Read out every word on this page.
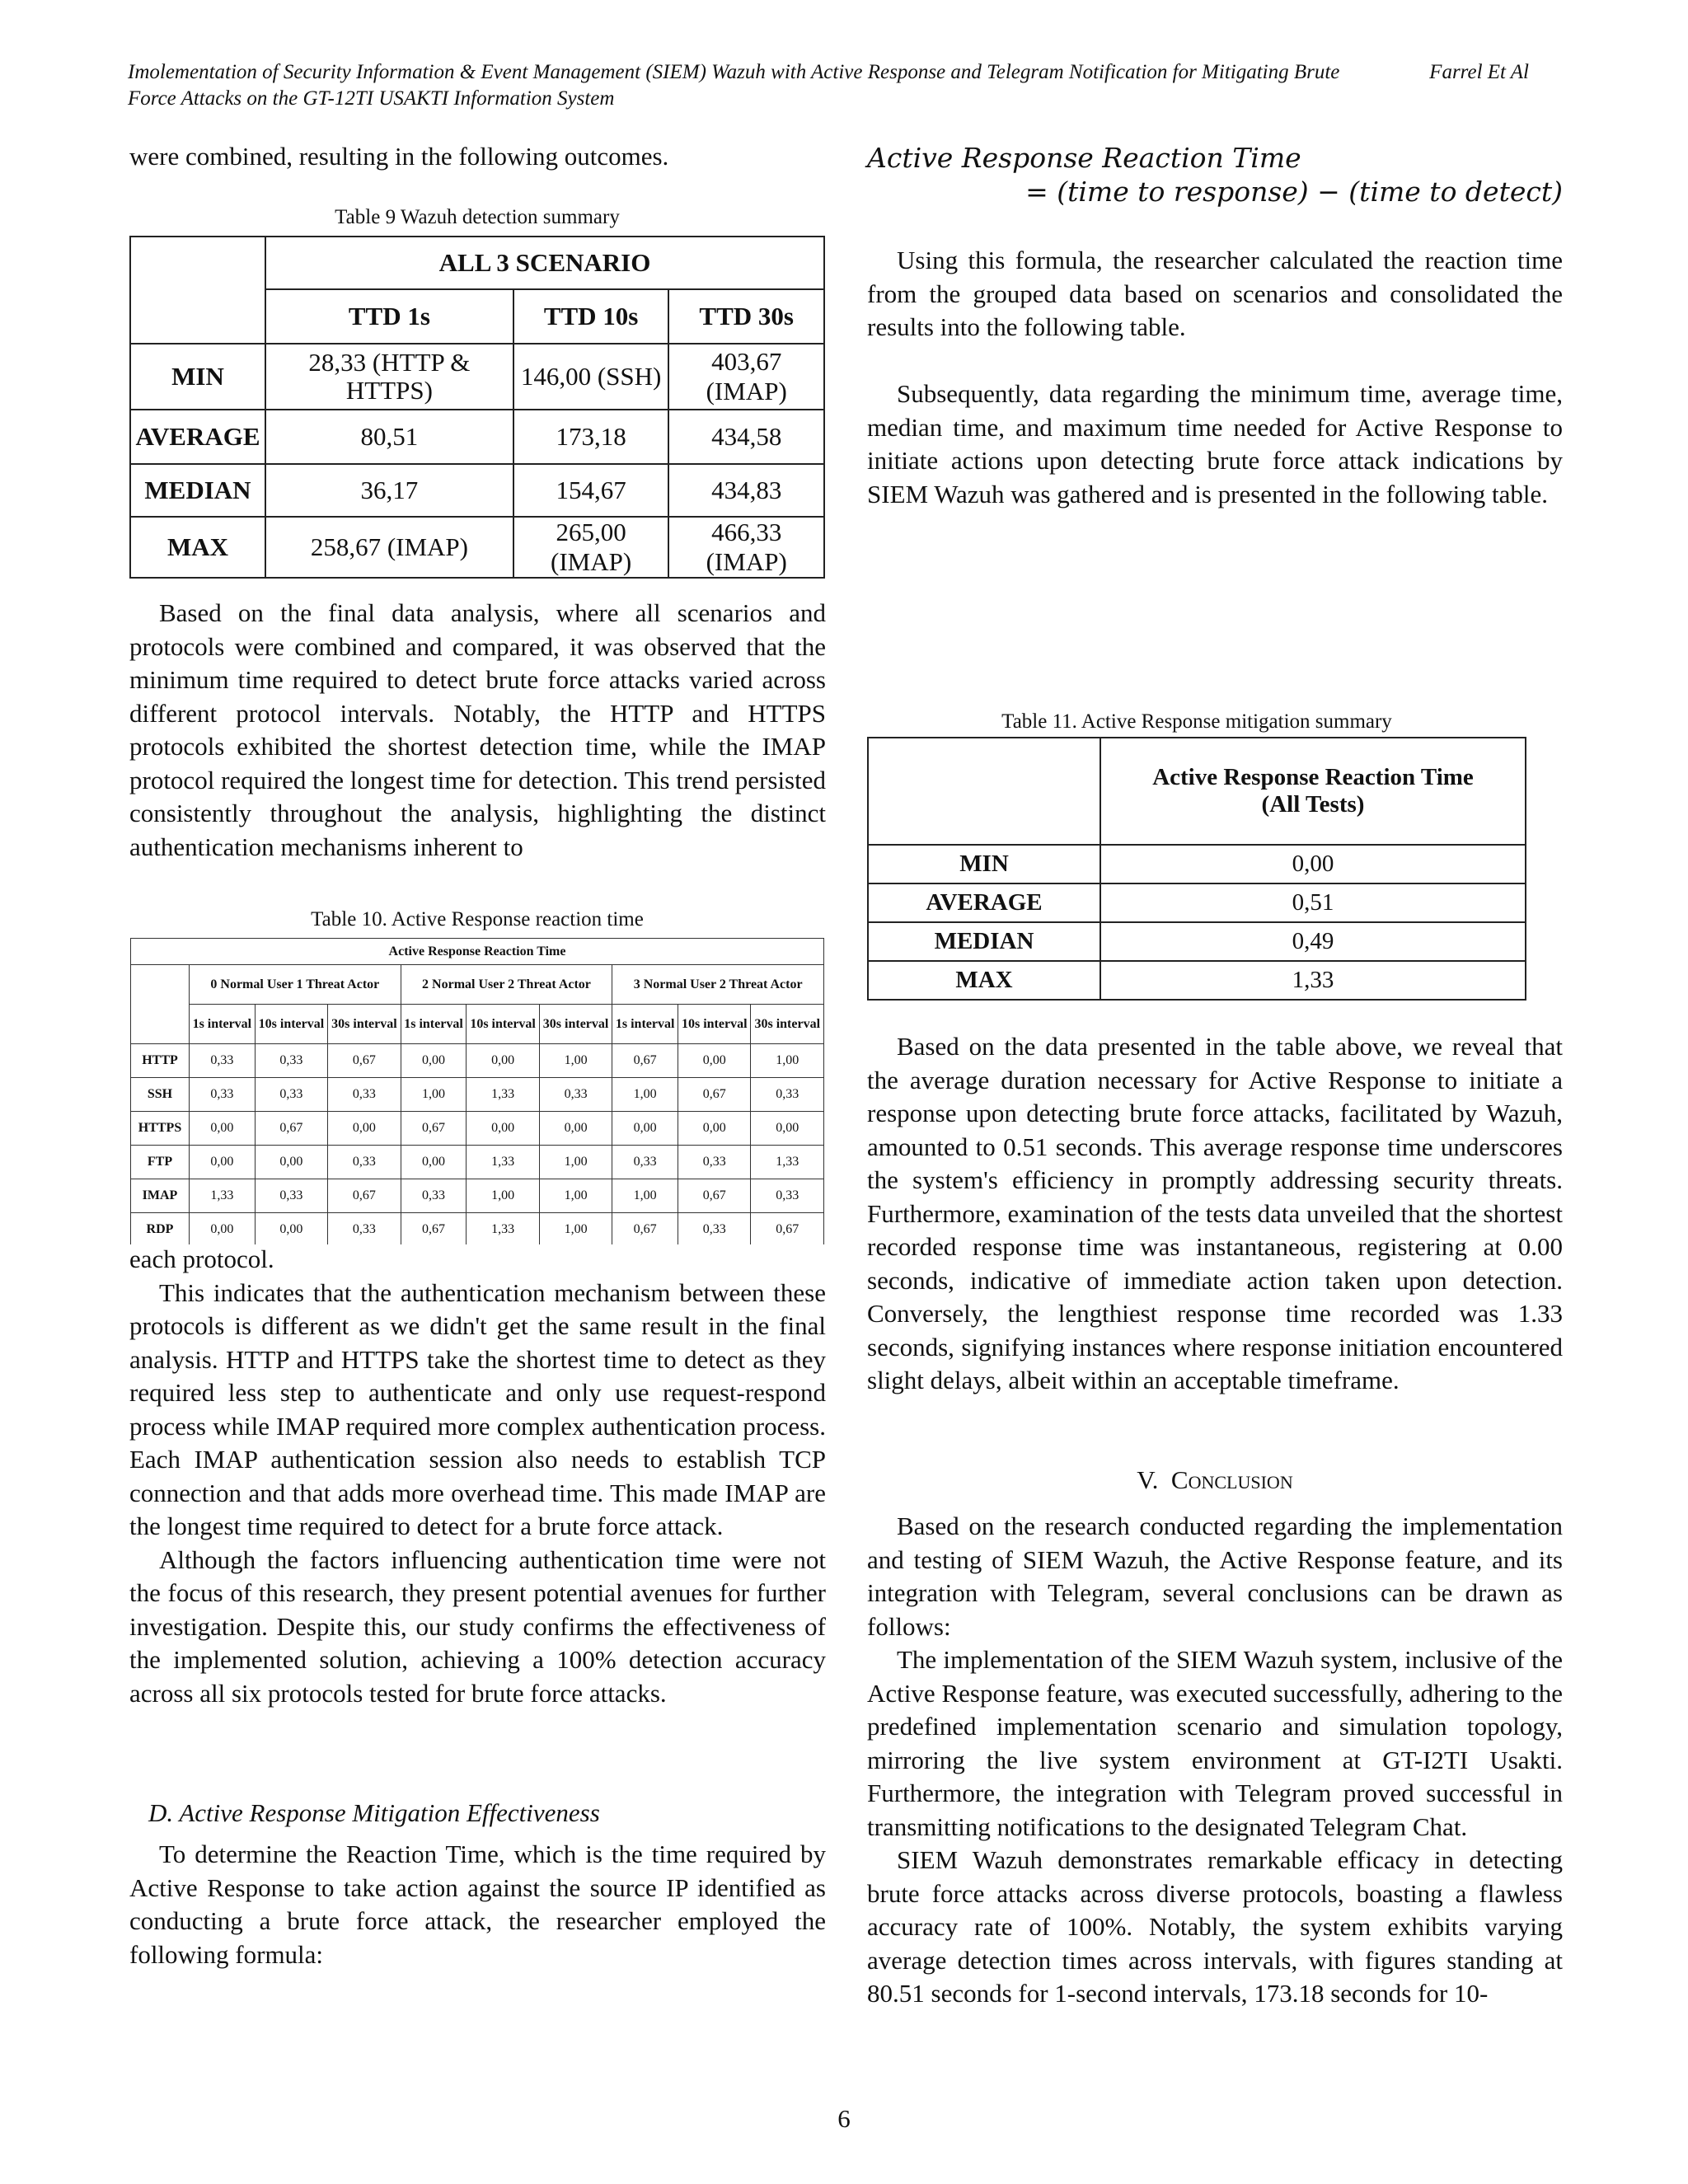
Imolementation of Security Information & Event Management (SIEM) Wazuh with Active Response and Telegram Notification for Mitigating Brute Force Attacks on the GT-12TI USAKTI Information System
Farrel Et Al

were combined, resulting in the following outcomes.

Table 9 Wazuh detection summary
	ALL 3 SCENARIO		
	TTD 1s	TTD 10s	TTD 30s
MIN	28,33 (HTTP & HTTPS)	146,00 (SSH)	403,67 (IMAP)
AVERAGE	80,51	173,18	434,58
MEDIAN	36,17	154,67	434,83
MAX	258,67 (IMAP)	265,00 (IMAP)	466,33 (IMAP)

Based on the final data analysis, where all scenarios and protocols were combined and compared, it was observed that the minimum time required to detect brute force attacks varied across different protocol intervals. Notably, the HTTP and HTTPS protocols exhibited the shortest detection time, while the IMAP protocol required the longest time for detection. This trend persisted consistently throughout the analysis, highlighting the distinct authentication mechanisms inherent to

Table 10. Active Response reaction time
Active Response Reaction Time									
	0 Normal User 1 Threat Actor			2 Normal User 2 Threat Actor			3 Normal User 2 Threat Actor		
	1s interval	10s interval	30s interval	1s interval	10s interval	30s interval	1s interval	10s interval	30s interval
HTTP	0,33	0,33	0,67	0,00	0,00	1,00	0,67	0,00	1,00
SSH	0,33	0,33	0,33	1,00	1,33	0,33	1,00	0,67	0,33
HTTPS	0,00	0,67	0,00	0,67	0,00	0,00	0,00	0,00	0,00
FTP	0,00	0,00	0,33	0,00	1,33	1,00	0,33	0,33	1,33
IMAP	1,33	0,33	0,67	0,33	1,00	1,00	1,00	0,67	0,33
RDP	0,00	0,00	0,33	0,67	1,33	1,00	0,67	0,33	0,67

each protocol.

This indicates that the authentication mechanism between these protocols is different as we didn't get the same result in the final analysis. HTTP and HTTPS take the shortest time to detect as they required less step to authenticate and only use request-respond process while IMAP required more complex authentication process. Each IMAP authentication session also needs to establish TCP connection and that adds more overhead time. This made IMAP are the longest time required to detect for a brute force attack.

Although the factors influencing authentication time were not the focus of this research, they present potential avenues for further investigation. Despite this, our study confirms the effectiveness of the implemented solution, achieving a 100% detection accuracy across all six protocols tested for brute force attacks.

D. Active Response Mitigation Effectiveness

To determine the Reaction Time, which is the time required by Active Response to take action against the source IP identified as conducting a brute force attack, the researcher employed the following formula:

Active Response Reaction Time
= (time to response) − (time to detect)

Using this formula, the researcher calculated the reaction time from the grouped data based on scenarios and consolidated the results into the following table.

Subsequently, data regarding the minimum time, average time, median time, and maximum time needed for Active Response to initiate actions upon detecting brute force attack indications by SIEM Wazuh was gathered and is presented in the following table.

Table 11. Active Response mitigation summary

	Active Response Reaction Time
(All Tests)

MIN	0,00
AVERAGE	0,51
MEDIAN	0,49
MAX	1,33

Based on the data presented in the table above, we reveal that the average duration necessary for Active Response to initiate a response upon detecting brute force attacks, facilitated by Wazuh, amounted to 0.51 seconds. This average response time underscores the system's efficiency in promptly addressing security threats. Furthermore, examination of the tests data unveiled that the shortest recorded response time was instantaneous, registering at 0.00 seconds, indicative of immediate action taken upon detection. Conversely, the lengthiest response time recorded was 1.33 seconds, signifying instances where response initiation encountered slight delays, albeit within an acceptable timeframe.

V. Conclusion

Based on the research conducted regarding the implementation and testing of SIEM Wazuh, the Active Response feature, and its integration with Telegram, several conclusions can be drawn as follows:

The implementation of the SIEM Wazuh system, inclusive of the Active Response feature, was executed successfully, adhering to the predefined implementation scenario and simulation topology, mirroring the live system environment at GT-I2TI Usakti. Furthermore, the integration with Telegram proved successful in transmitting notifications to the designated Telegram Chat.

SIEM Wazuh demonstrates remarkable efficacy in detecting brute force attacks across diverse protocols, boasting a flawless accuracy rate of 100%. Notably, the system exhibits varying average detection times across intervals, with figures standing at 80.51 seconds for 1-second intervals, 173.18 seconds for 10-

6
